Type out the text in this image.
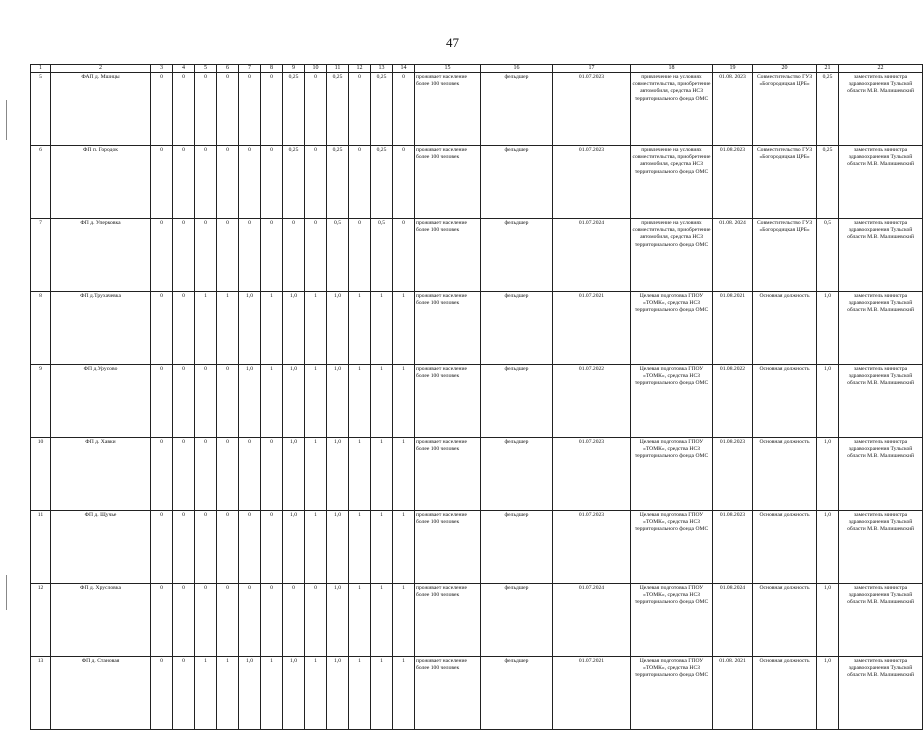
47
1	2	3	4	5	6	7	8	9	10	11	12	13	14	15	16	17	18	19	20	21	22
5	ФАП д. Мшицы	0	0	0	0	0	0	0,25	0	0,25	0	0,25	0	проживает население более 100 человек	фельдшер	01.07.2023	привлечение на условиях совместительства, приобретение автомобиля, средства НСЗ территориального фонда ОМС	01.08. 2023	Совместительство ГУЗ «Богородицкая ЦРБ»	0,25	заместитель министра здравоохранения Тульской области М.В. Малишевский
6	ФП п. Городок	0	0	0	0	0	0	0,25	0	0,25	0	0,25	0	проживает население более 100 человек	фельдшер	01.07.2023	привлечение на условиях совместительства, приобретение автомобиля, средства НСЗ территориального фонда ОМС	01.08.2023	Совместительство ГУЗ «Богородицкая ЦРБ»	0,25	заместитель министра здравоохранения Тульской области М.В. Малишевский
7	ФП д. Уперковка	0	0	0	0	0	0	0	0	0,5	0	0,5	0	проживает население более 100 человек	фельдшер	01.07.2024	привлечение на условиях совместительства, приобретение автомобиля, средства НСЗ территориального фонда ОМС	01.08. 2024	Совместительство ГУЗ «Богородицкая ЦРБ»	0,5	заместитель министра здравоохранения Тульской области М.В. Малишевский
8	ФП д.Трухачевка	0	0	1	1	1,0	1	1,0	1	1,0	1	1	1	проживает население более 100 человек	фельдшер	01.07.2021	Целевая подготовка ГПОУ «ТОМК», средства НСЗ территориального фонда ОМС	01.08.2021	Основная должность	1,0	заместитель министра здравоохранения Тульской области М.В. Малишевский
9	ФП д.Урусово	0	0	0	0	1,0	1	1,0	1	1,0	1	1	1	проживает население более 100 человек	фельдшер	01.07.2022	Целевая подготовка ГПОУ «ТОМК», средства НСЗ территориального фонда ОМС	01.08.2022	Основная должность	1,0	заместитель министра здравоохранения Тульской области М.В. Малишевский
10	ФП д. Хавки	0	0	0	0	0	0	1,0	1	1,0	1	1	1	проживает население более 100 человек	фельдшер	01.07.2023	Целевая подготовка ГПОУ «ТОМК», средства НСЗ территориального фонда ОМС	01.08.2023	Основная должность	1,0	заместитель министра здравоохранения Тульской области М.В. Малишевский
11	ФП д. Щучье	0	0	0	0	0	0	1,0	1	1,0	1	1	1	проживает население более 100 человек	фельдшер	01.07.2023	Целевая подготовка ГПОУ «ТОМК», средства НСЗ территориального фонда ОМС	01.08.2023	Основная должность	1,0	заместитель министра здравоохранения Тульской области М.В. Малишевский
12	ФП д. Хрусловка	0	0	0	0	0	0	0	0	1,0	1	1	1	проживает население более 100 человек	фельдшер	01.07.2024	Целевая подготовка ГПОУ «ТОМК», средства НСЗ территориального фонда ОМС	01.08.2024	Основная должность	1,0	заместитель министра здравоохранения Тульской области М.В. Малишевский
13	ФП д. Становая	0	0	1	1	1,0	1	1,0	1	1,0	1	1	1	проживает население более 100 человек	фельдшер	01.07.2021	Целевая подготовка ГПОУ «ТОМК», средства НСЗ территориального фонда ОМС	01.08. 2021	Основная должность	1,0	заместитель министра здравоохранения Тульской области М.В. Малишевский
